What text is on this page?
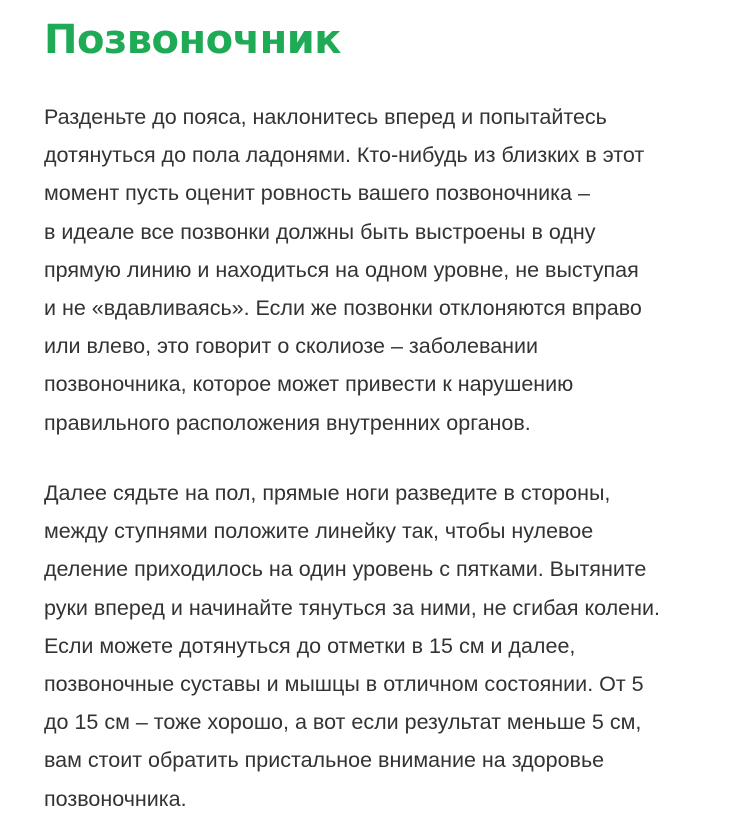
Позвоночник

Разденьте до пояса, наклонитесь вперед и попытайтесь
дотянуться до пола ладонями. Кто-нибудь из близких в этот
момент пусть оценит ровность вашего позвоночника –
в идеале все позвонки должны быть выстроены в одну
прямую линию и находиться на одном уровне, не выступая
и не «вдавливаясь». Если же позвонки отклоняются вправо
или влево, это говорит о сколиозе – заболевании
позвоночника, которое может привести к нарушению
правильного расположения внутренних органов.

Далее сядьте на пол, прямые ноги разведите в стороны,
между ступнями положите линейку так, чтобы нулевое
деление приходилось на один уровень с пятками. Вытяните
руки вперед и начинайте тянуться за ними, не сгибая колени.
Если можете дотянуться до отметки в 15 см и далее,
позвоночные суставы и мышцы в отличном состоянии. От 5
до 15 см – тоже хорошо, а вот если результат меньше 5 см,
вам стоит обратить пристальное внимание на здоровье
позвоночника.
